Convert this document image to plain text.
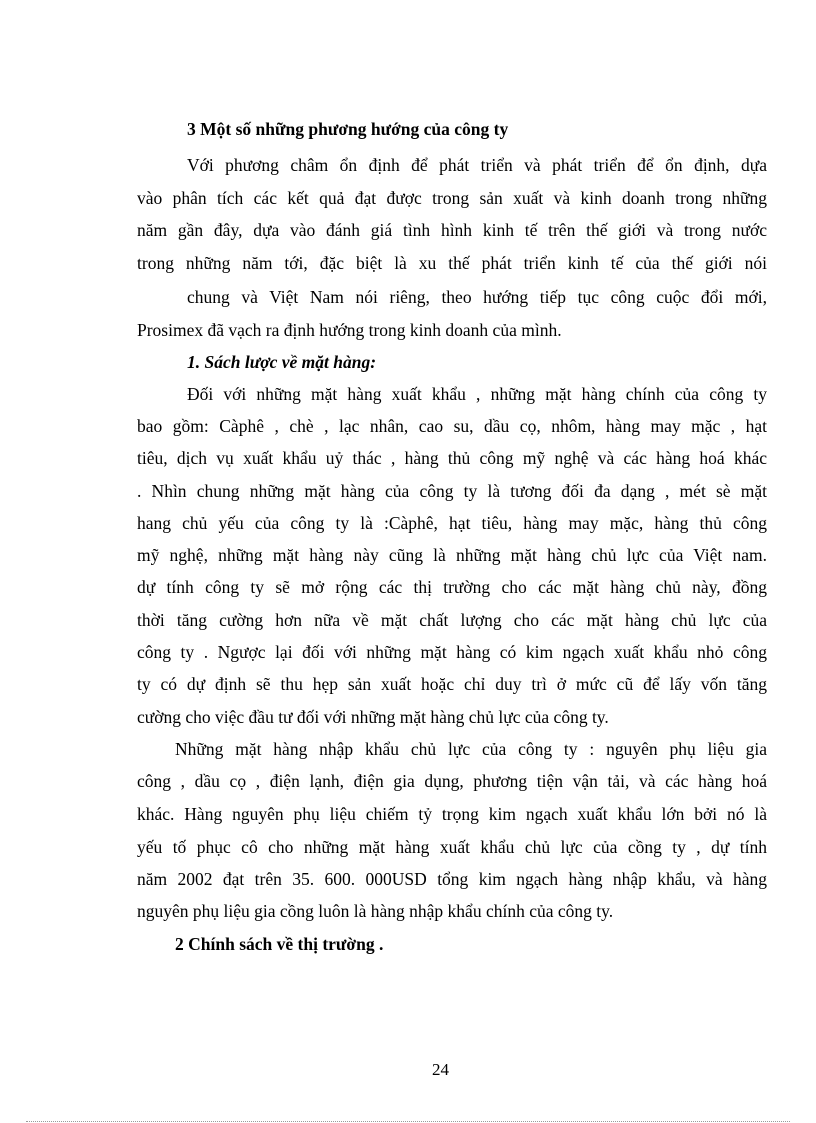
3 Một số những phương hướng của công ty
Với phương châm ổn định để phát triển và phát triển để ổn định, dựa
vào phân tích các kết quả đạt được trong sản xuất và kinh doanh trong những
năm gần đây, dựa vào đánh giá tình hình kinh tế trên thế giới và trong nước
trong những năm tới, đặc biệt là xu thế phát triển kinh tế của thế giới nói
chung và Việt Nam nói riêng, theo hướng tiếp tục công cuộc đổi mới,
Prosimex đã vạch ra định hướng trong kinh doanh của mình.
1. Sách lược về mặt hàng:
Đối với những mặt hàng xuất khẩu , những mặt hàng chính của công ty
bao gồm: Càphê , chè , lạc nhân, cao su, dầu cọ, nhôm, hàng may mặc , hạt
tiêu, dịch vụ xuất khẩu uỷ thác , hàng thủ công mỹ nghệ và các hàng hoá khác
. Nhìn chung những mặt hàng của công ty là tương đối đa dạng , mét sè mặt
hang chủ yếu của công ty là :Càphê, hạt tiêu, hàng may mặc, hàng thủ công
mỹ nghệ, những mặt hàng này cũng là những mặt hàng chủ lực của Việt nam.
dự tính công ty sẽ mở rộng các thị trường cho các mặt hàng chủ này, đồng
thời tăng cường hơn nữa về mặt chất lượng cho các mặt hàng chủ lực của
công ty . Ngược lại đối với những mặt hàng có kim ngạch xuất khẩu nhỏ công
ty có dự định sẽ thu hẹp sản xuất hoặc chỉ duy trì ở mức cũ để lấy vốn tăng
cường cho việc đầu tư đối với những mặt hàng chủ lực của công ty.
Những mặt hàng nhập khẩu chủ lực của công ty : nguyên phụ liệu gia
công , dầu cọ , điện lạnh, điện gia dụng, phương tiện vận tải, và các hàng hoá
khác. Hàng nguyên phụ liệu chiếm tỷ trọng kim ngạch xuất khẩu lớn bởi nó là
yếu tố phục cô cho những mặt hàng xuất khẩu chủ lực của cồng ty , dự tính
năm 2002 đạt trên 35. 600. 000USD tổng kim ngạch hàng nhập khẩu, và hàng
nguyên phụ liệu gia cồng luôn là hàng nhập khẩu chính của công ty.
2 Chính sách về thị trường .
24
